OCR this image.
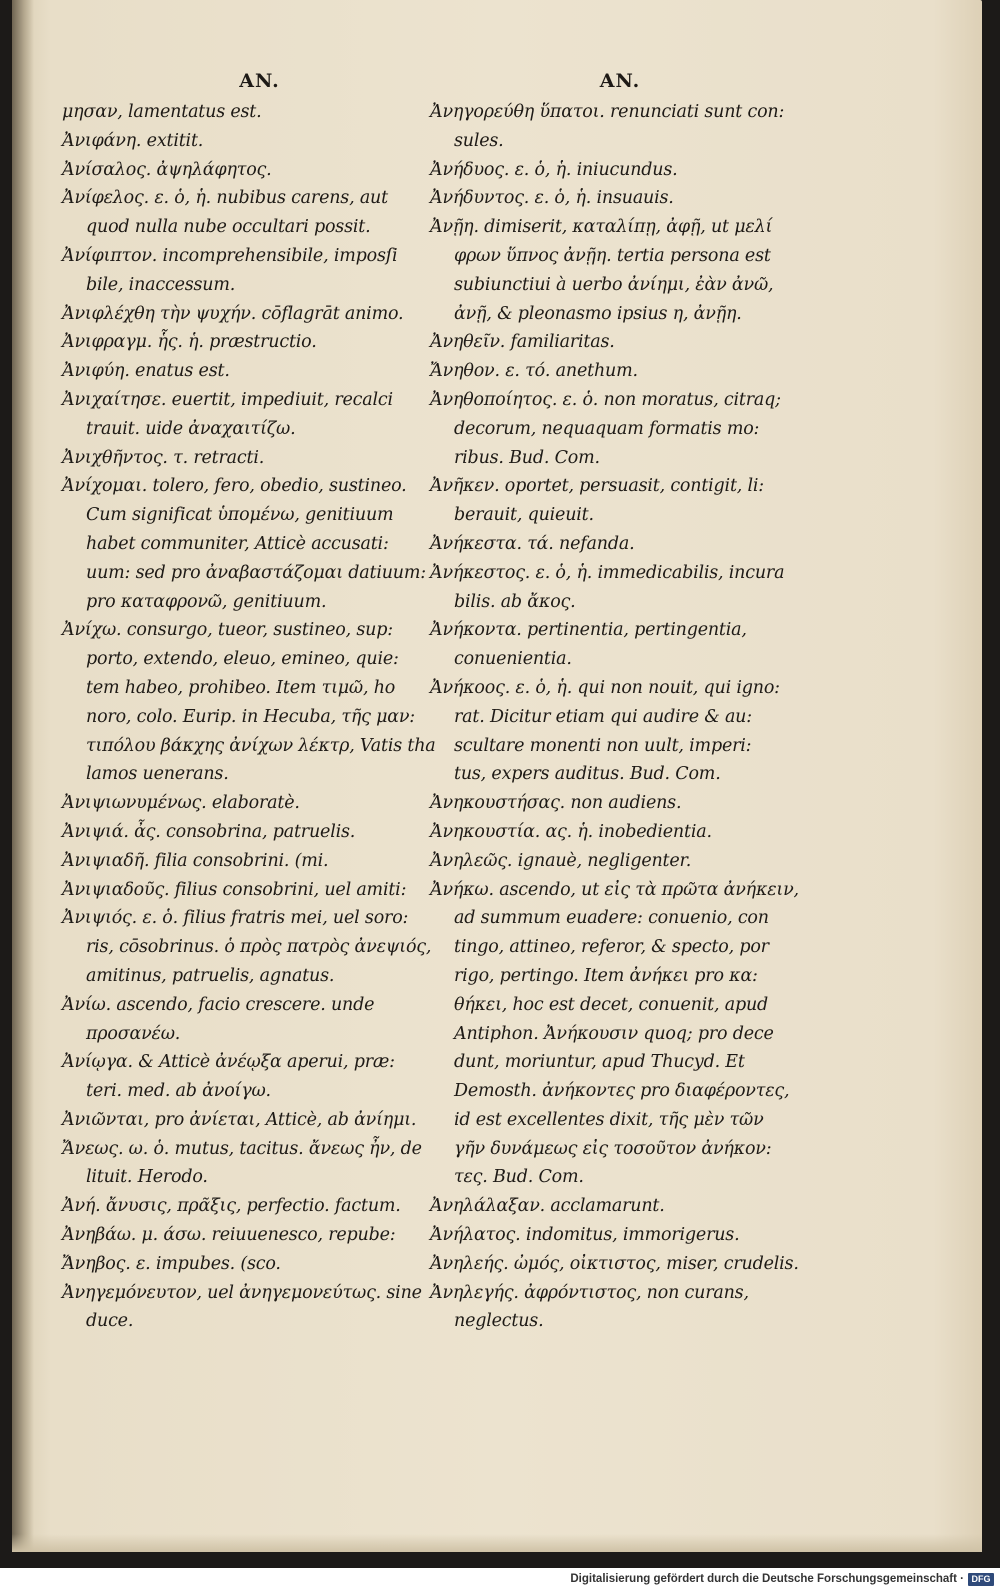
AN.
μησαν, lamentatus est.
Ἀνιφάνη. extitit.
Ἀνίσαλος. ἀψηλάφητος.
Ἀνίφελος. ε. ὁ, ἡ. nubibus carens, aut
quod nulla nube occultari possit.
Ἀνίφιπτον. incomprehensibile, imposſi
bile, inaccessum.
Ἀνιφλέχθη τὴν ψυχήν. cōflagrāt animo.
Ἀνιφραγμ. ἧς. ἡ. præstructio.
Ἀνιφύη. enatus est.
Ἀνιχαίτησε. euertit, impediuit, recalci
trauit. uide ἀναχαιτίζω.
Ἀνιχθῆντος. τ. retracti.
Ἀνίχομαι. tolero, fero, obedio, sustineo.
Cum significat ὑπομένω, genitiuum
habet communiter, Atticè accusati:
uum: sed pro ἀναβαστάζομαι datiuum:
pro καταφρονῶ, genitiuum.
Ἀνίχω. consurgo, tueor, sustineo, sup:
porto, extendo, eleuo, emineo, quie:
tem habeo, prohibeo. Item τιμῶ, ho
noro, colo. Eurip. in Hecuba, τῆς μαν:
τιπόλου βάκχης ἀνίχων λέκτρ, Vatis tha
lamos uenerans.
Ἀνιψιωνυμένως. elaboratè.
Ἀνιψιά. ἆς. consobrina, patruelis.
Ἀνιψιαδῆ. filia consobrini. (mi.
Ἀνιψιαδοῦς. filius consobrini, uel amiti:
Ἀνιψιός. ε. ὁ. filius fratris mei, uel soro:
ris, cōsobrinus. ὁ πρὸς πατρὸς ἀνεψιός,
amitinus, patruelis, agnatus.
Ἀνίω. ascendo, facio crescere. unde
προσανέω.
Ἀνίῳγα. & Atticè ἀνέῳξα aperui, præ:
teri. med. ab ἀνοίγω.
Ἀνιῶνται, pro ἀνίεται, Atticè, ab ἀνίημι.
Ἄνεως. ω. ὁ. mutus, tacitus. ἄνεως ἦν, de
lituit. Herodo.
Ἀνή. ἄνυσις, πρᾶξις, perfectio. factum.
Ἀνηβάω. μ. άσω. reiuuenesco, repube:
Ἄνηβος. ε. impubes. (sco.
Ἀνηγεμόνευτον, uel ἀνηγεμονεύτως. sine
duce.
AN.
Ἀνηγορεύθη ὕπατοι. renunciati sunt con:
sules.
Ἀνήδυος. ε. ὁ, ἡ. iniucundus.
Ἀνήδυντος. ε. ὁ, ἡ. insuauis.
Ἀνῇη. dimiserit, καταλίπῃ, ἀφῇ, ut μελί
φρων ὕπνος ἀνῇη. tertia persona est
subiunctiui à uerbo ἀνίημι, ἐὰν ἀνῶ,
ἀνῇ, & pleonasmo ipsius η, ἀνῇη.
Ἀνηθεῖν. familiaritas.
Ἄνηθον. ε. τό. anethum.
Ἀνηθοποίητος. ε. ὁ. non moratus, citraq;
decorum, nequaquam formatis mo:
ribus. Bud. Com.
Ἀνῆκεν. oportet, persuasit, contigit, li:
berauit, quieuit.
Ἀνήκεστα. τά. nefanda.
Ἀνήκεστος. ε. ὁ, ἡ. immedicabilis, incura
bilis. ab ἄκος.
Ἀνήκοντα. pertinentia, pertingentia,
conuenientia.
Ἀνήκοος. ε. ὁ, ἡ. qui non nouit, qui igno:
rat. Dicitur etiam qui audire & au:
scultare monenti non uult, imperi:
tus, expers auditus. Bud. Com.
Ἀνηκουστήσας. non audiens.
Ἀνηκουστία. ας. ἡ. inobedientia.
Ἀνηλεῶς. ignauè, negligenter.
Ἀνήκω. ascendo, ut εἰς τὰ πρῶτα ἀνήκειν,
ad summum euadere: conuenio, con
tingo, attineo, referor, & specto, por
rigo, pertingo. Item ἀνήκει pro κα:
θήκει, hoc est decet, conuenit, apud
Antiphon. Ἀνήκουσιν quoq; pro dece
dunt, moriuntur, apud Thucyd. Et
Demosth. ἀνήκοντες pro διαφέροντες,
id est excellentes dixit, τῆς μὲν τῶν
γῆν δυνάμεως εἰς τοσοῦτον ἀνήκον:
τες. Bud. Com.
Ἀνηλάλαξαν. acclamarunt.
Ἀνήλατος. indomitus, immorigerus.
Ἀνηλεής. ὠμός, οἰκτιστος, miser, crudelis.
Ἀνηλεγής. ἀφρόντιστος, non curans,
neglectus.
Digitalisierung gefördert durch die Deutsche Forschungsgemeinschaft · DFG
